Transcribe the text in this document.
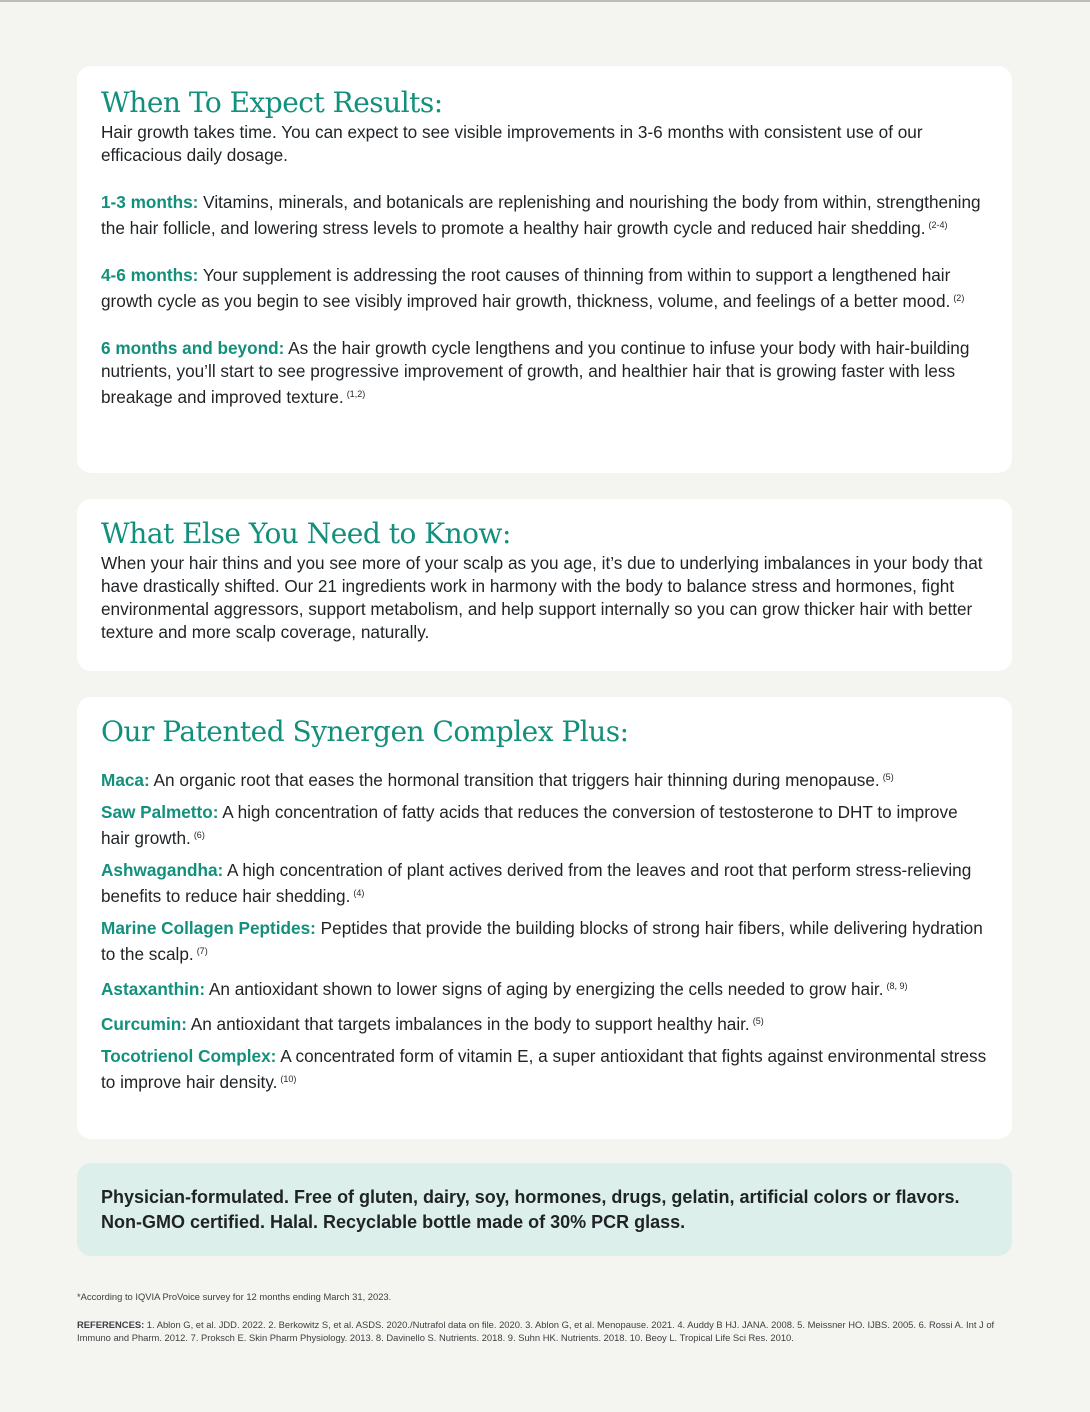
When To Expect Results:

Hair growth takes time. You can expect to see visible improvements in 3-6 months with consistent use of our efficacious daily dosage.

1-3 months: Vitamins, minerals, and botanicals are replenishing and nourishing the body from within, strengthening the hair follicle, and lowering stress levels to promote a healthy hair growth cycle and reduced hair shedding. $^{(2-4)}$

4-6 months: Your supplement is addressing the root causes of thinning from within to support a lengthened hair growth cycle as you begin to see visibly improved hair growth, thickness, volume, and feelings of a better mood. $^{(2)}$

6 months and beyond: As the hair growth cycle lengthens and you continue to infuse your body with hair-building nutrients, you’ll start to see progressive improvement of growth, and healthier hair that is growing faster with less breakage and improved texture. $^{(1,2)}$

What Else You Need to Know:

When your hair thins and you see more of your scalp as you age, it’s due to underlying imbalances in your body that have drastically shifted. Our 21 ingredients work in harmony with the body to balance stress and hormones, fight environmental aggressors, support metabolism, and help support internally so you can grow thicker hair with better texture and more scalp coverage, naturally.

Our Patented Synergen Complex Plus:

Maca: An organic root that eases the hormonal transition that triggers hair thinning during menopause. $^{(5)}$

Saw Palmetto: A high concentration of fatty acids that reduces the conversion of testosterone to DHT to improve hair growth. $^{(6)}$

Ashwagandha: A high concentration of plant actives derived from the leaves and root that perform stress-relieving benefits to reduce hair shedding. $^{(4)}$

Marine Collagen Peptides: Peptides that provide the building blocks of strong hair fibers, while delivering hydration to the scalp. $^{(7)}$

Astaxanthin: An antioxidant shown to lower signs of aging by energizing the cells needed to grow hair. $^{(8, 9)}$

Curcumin: An antioxidant that targets imbalances in the body to support healthy hair. $^{(5)}$

Tocotrienol Complex: A concentrated form of vitamin E, a super antioxidant that fights against environmental stress to improve hair density. $^{(10)}$

Physician-formulated. Free of gluten, dairy, soy, hormones, drugs, gelatin, artificial colors or flavors. Non-GMO certified. Halal. Recyclable bottle made of 30% PCR glass.

*According to IQVIA ProVoice survey for 12 months ending March 31, 2023.
REFERENCES: 1. Ablon G, et al. JDD. 2022. 2. Berkowitz S, et al. ASDS. 2020./Nutrafol data on file. 2020. 3. Ablon G, et al. Menopause. 2021. 4. Auddy B HJ. JANA. 2008. 5. Meissner HO. IJBS. 2005. 6. Rossi A. Int J of Immuno and Pharm. 2012. 7. Proksch E. Skin Pharm Physiology. 2013. 8. Davinello S. Nutrients. 2018. 9. Suhn HK. Nutrients. 2018. 10. Beoy L. Tropical Life Sci Res. 2010.
